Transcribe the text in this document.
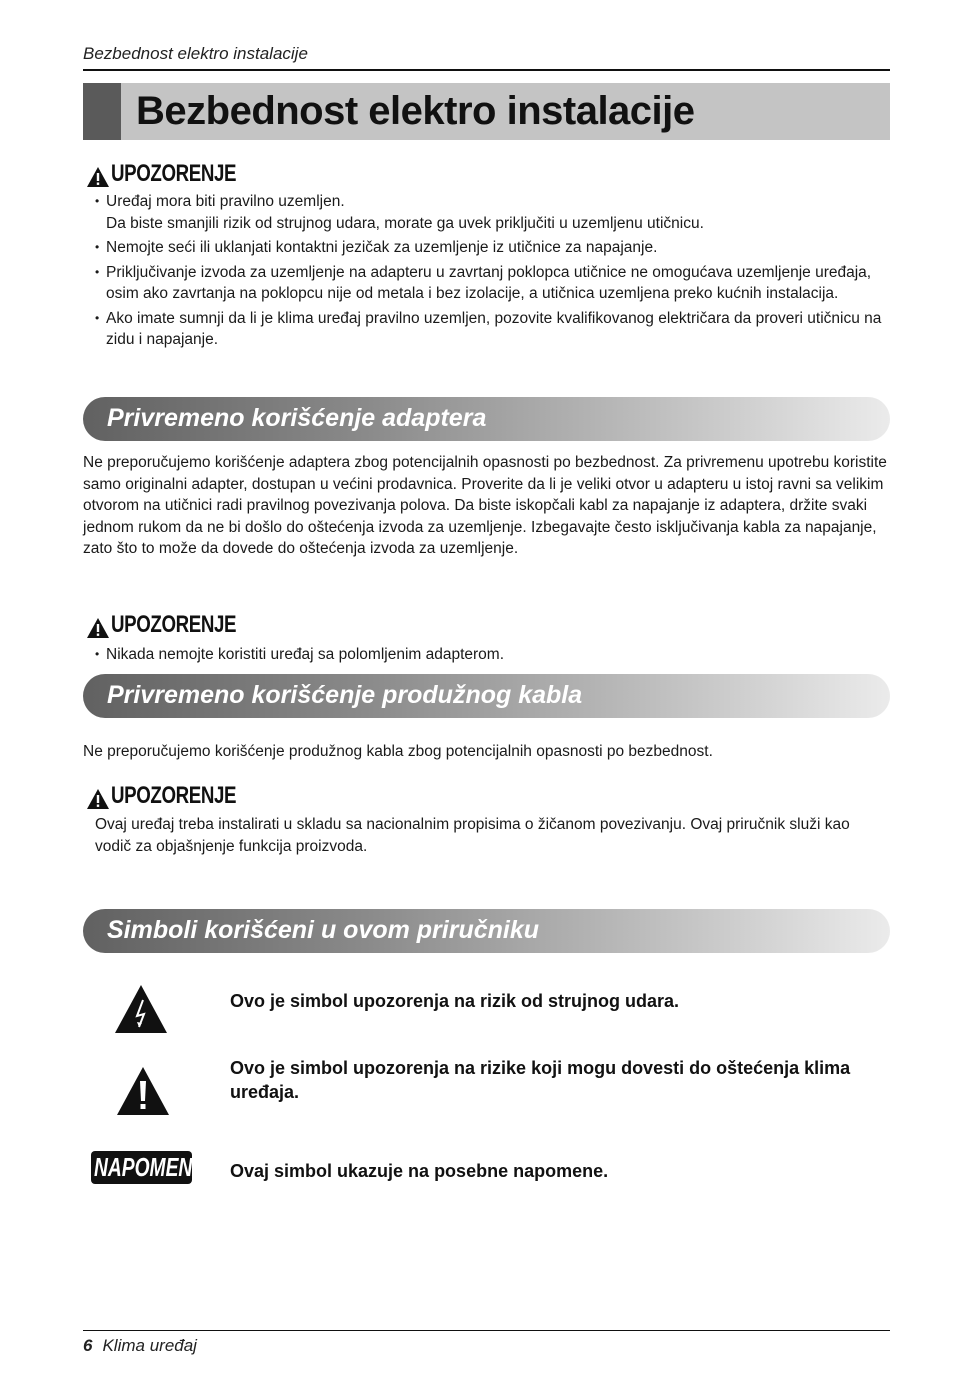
Bezbednost elektro instalacije
Bezbednost elektro instalacije
UPOZORENJE
• Uređaj mora biti pravilno uzemljen.
Da biste smanjili rizik od strujnog udara, morate ga uvek priključiti u uzemljenu utičnicu.
• Nemojte seći ili uklanjati kontaktni jezičak za uzemljenje iz utičnice za napajanje.
• Priključivanje izvoda za uzemljenje na adapteru u zavrtanj poklopca utičnice ne omogućava uzemljenje uređaja, osim ako zavrtanja na poklopcu nije od metala i bez izolacije, a utičnica uzemljena preko kućnih instalacija.
• Ako imate sumnji da li je klima uređaj pravilno uzemljen, pozovite kvalifikovanog električara da proveri utičnicu na zidu i napajanje.
Privremeno korišćenje adaptera
Ne preporučujemo korišćenje adaptera zbog potencijalnih opasnosti po bezbednost. Za privremenu upotrebu koristite samo originalni adapter, dostupan u većini prodavnica. Proverite da li je veliki otvor u adapteru u istoj ravni sa velikim otvorom na utičnici radi pravilnog povezivanja polova. Da biste iskopčali kabl za napajanje iz adaptera, držite svaki jednom rukom da ne bi došlo do oštećenja izvoda za uzemljenje. Izbegavajte često isključivanja kabla za napajanje, zato što to može da dovede do oštećenja izvoda za uzemljenje.
UPOZORENJE
• Nikada nemojte koristiti uređaj sa polomljenim adapterom.
Privremeno korišćenje produžnog kabla
Ne preporučujemo korišćenje produžnog kabla zbog potencijalnih opasnosti po bezbednost.
UPOZORENJE
Ovaj uređaj treba instalirati u skladu sa nacionalnim propisima o žičanom povezivanju. Ovaj priručnik služi kao vodič za objašnjenje funkcija proizvoda.
Simboli korišćeni u ovom priručniku
Ovo je simbol upozorenja na rizik od strujnog udara.
Ovo je simbol upozorenja na rizike koji mogu dovesti do oštećenja klima uređaja.
NAPOMENA Ovaj simbol ukazuje na posebne napomene.
6 Klima uređaj
